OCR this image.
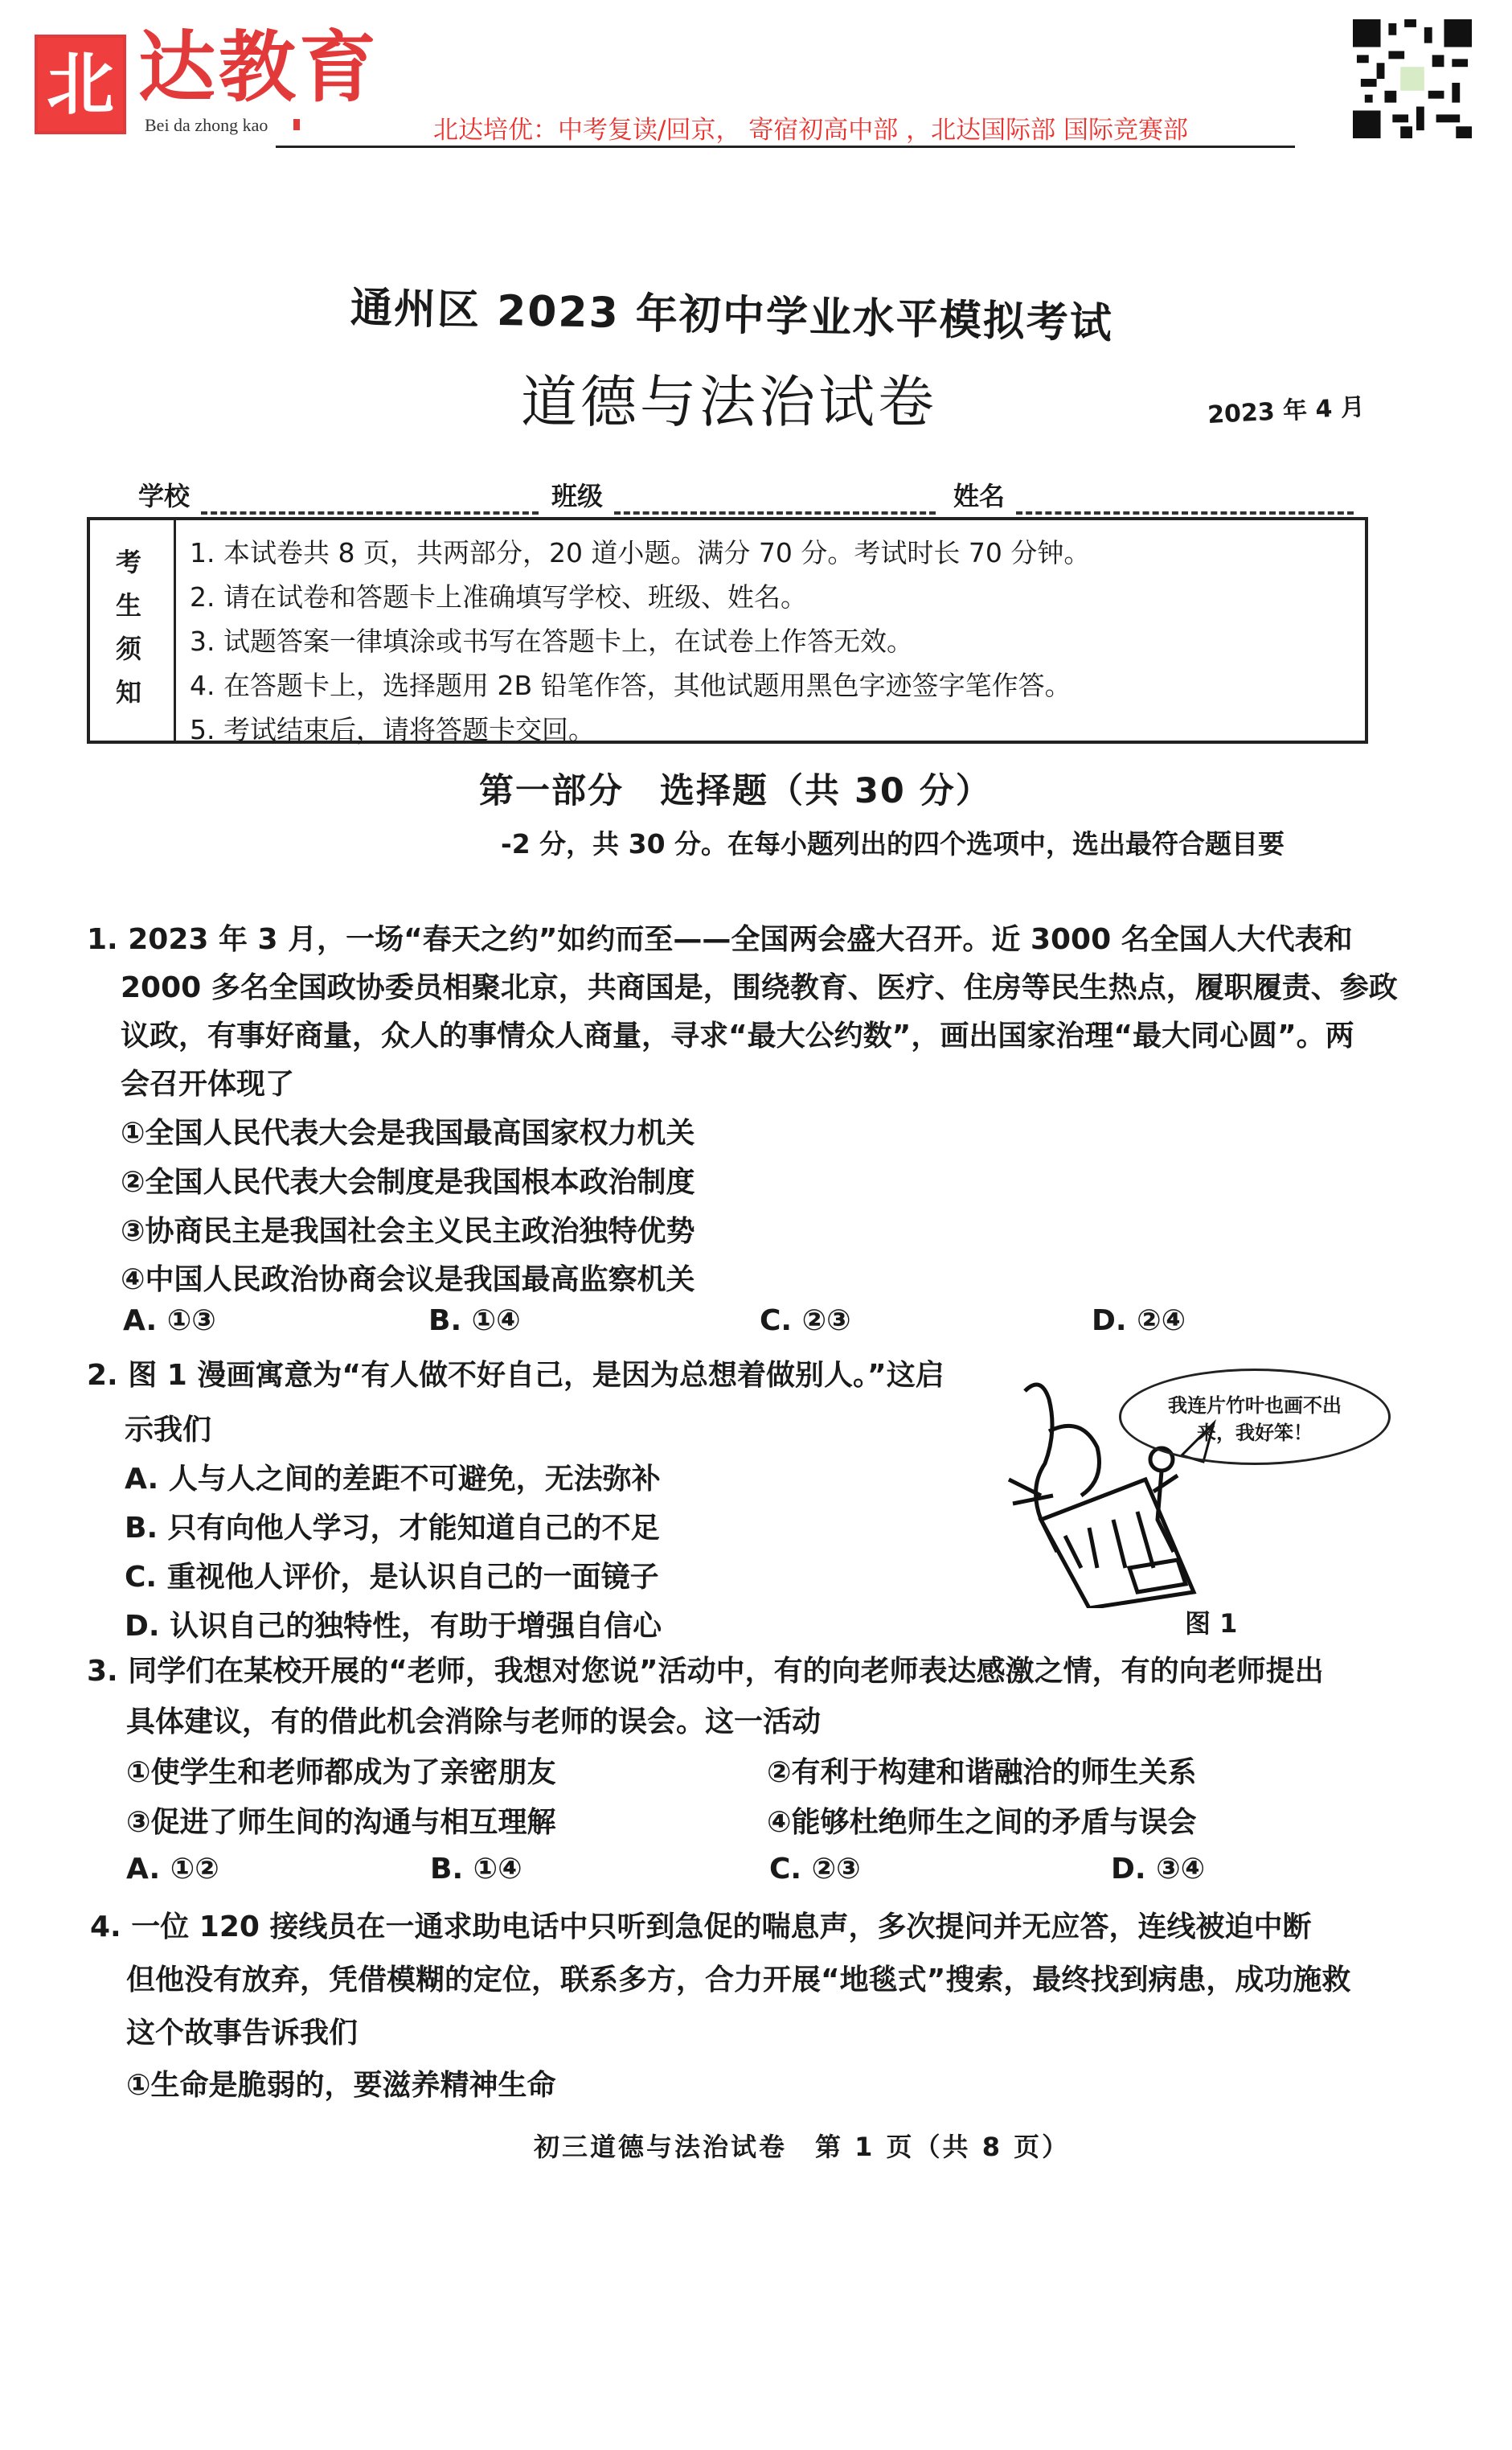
北 达教育
Bei da zhong kao	北达培优：中考复读/回京， 寄宿初高中部 ，北达国际部 国际竞赛部
通州区 2023 年初中学业水平模拟考试
道德与法治试卷	2023 年 4 月
学校	班级	姓名
考生须知
1. 本试卷共 8 页，共两部分，20 道小题。满分 70 分。考试时长 70 分钟。
2. 请在试卷和答题卡上准确填写学校、班级、姓名。
3. 试题答案一律填涂或书写在答题卡上，在试卷上作答无效。
4. 在答题卡上，选择题用 2B 铅笔作答，其他试题用黑色字迹签字笔作答。
5. 考试结束后，请将答题卡交回。
第一部分　选择题（共 30 分）
-2 分，共 30 分。在每小题列出的四个选项中，选出最符合题目要
1. 2023 年 3 月，一场“春天之约”如约而至——全国两会盛大召开。近 3000 名全国人大代表和
2000 多名全国政协委员相聚北京，共商国是，围绕教育、医疗、住房等民生热点，履职履责、参政
议政，有事好商量，众人的事情众人商量，寻求“最大公约数”，画出国家治理“最大同心圆”。两
会召开体现了
①全国人民代表大会是我国最高国家权力机关
②全国人民代表大会制度是我国根本政治制度
③协商民主是我国社会主义民主政治独特优势
④中国人民政治协商会议是我国最高监察机关
A. ①③	B. ①④	C. ②③	D. ②④
2. 图 1 漫画寓意为“有人做不好自己，是因为总想着做别人。”这启
示我们
A. 人与人之间的差距不可避免，无法弥补
B. 只有向他人学习，才能知道自己的不足
C. 重视他人评价，是认识自己的一面镜子
D. 认识自己的独特性，有助于增强自信心
我连片竹叶也画不出来，我好笨！
图 1
3. 同学们在某校开展的“老师，我想对您说”活动中，有的向老师表达感激之情，有的向老师提出
具体建议，有的借此机会消除与老师的误会。这一活动
①使学生和老师都成为了亲密朋友	②有利于构建和谐融洽的师生关系
③促进了师生间的沟通与相互理解	④能够杜绝师生之间的矛盾与误会
A. ①②	B. ①④	C. ②③	D. ③④
4. 一位 120 接线员在一通求助电话中只听到急促的喘息声，多次提问并无应答，连线被迫中断
但他没有放弃，凭借模糊的定位，联系多方，合力开展“地毯式”搜索，最终找到病患，成功施救
这个故事告诉我们
①生命是脆弱的，要滋养精神生命
初三道德与法治试卷　第 1 页（共 8 页）
